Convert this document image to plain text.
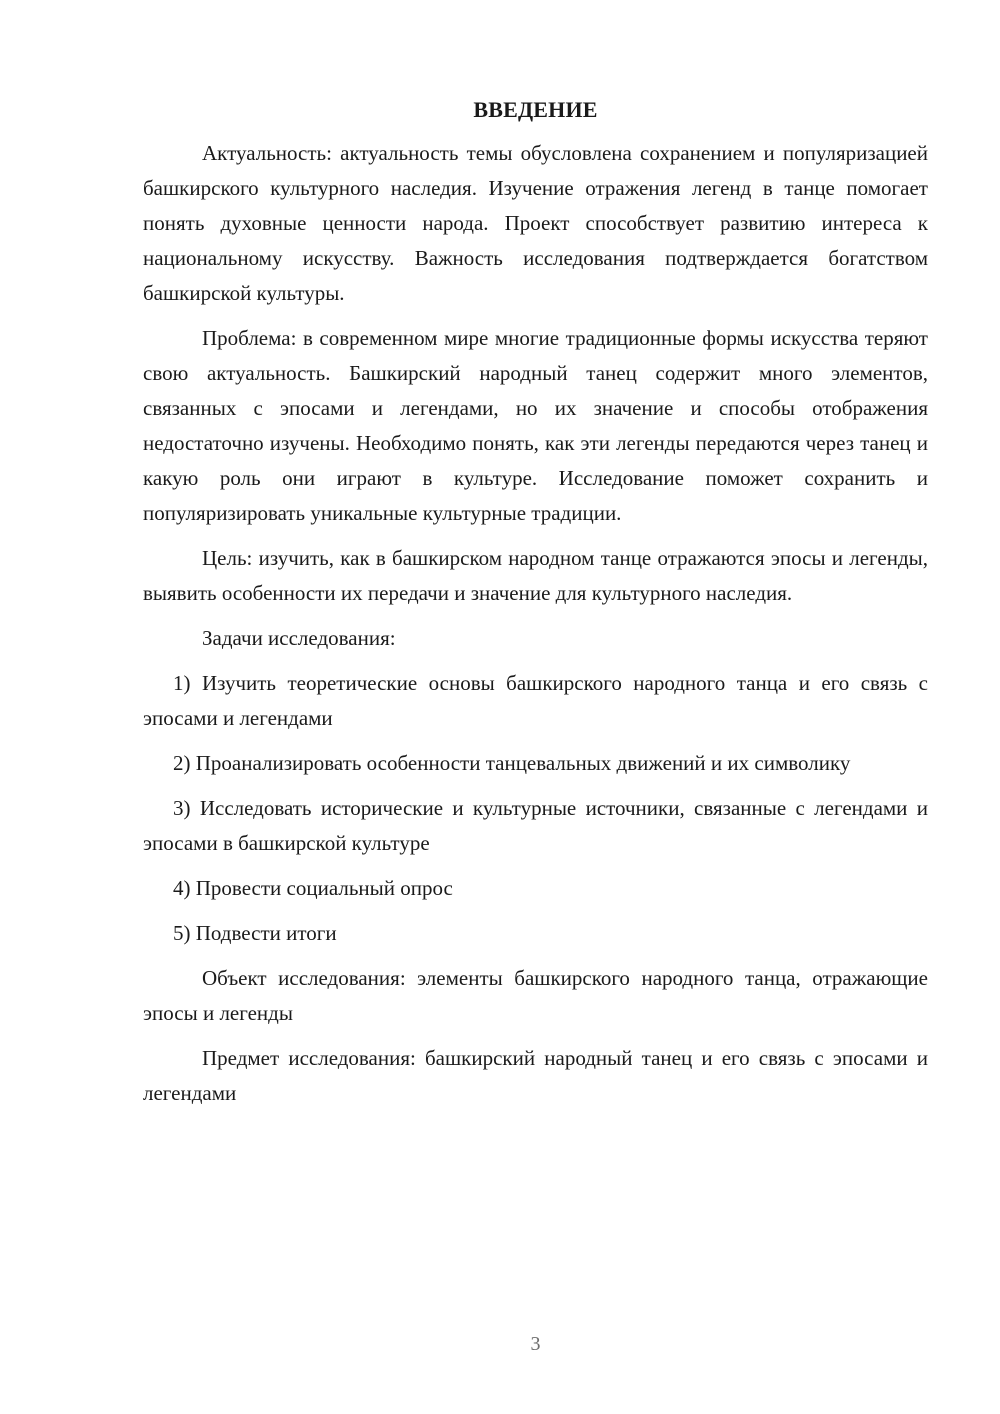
ВВЕДЕНИЕ

Актуальность: актуальность темы обусловлена сохранением и популяризацией башкирского культурного наследия. Изучение отражения легенд в танце помогает понять духовные ценности народа. Проект способствует развитию интереса к национальному искусству. Важность исследования подтверждается богатством башкирской культуры.

Проблема: в современном мире многие традиционные формы искусства теряют свою актуальность. Башкирский народный танец содержит много элементов, связанных с эпосами и легендами, но их значение и способы отображения недостаточно изучены. Необходимо понять, как эти легенды передаются через танец и какую роль они играют в культуре. Исследование поможет сохранить и популяризировать уникальные культурные традиции.

Цель: изучить, как в башкирском народном танце отражаются эпосы и легенды, выявить особенности их передачи и значение для культурного наследия.

Задачи исследования:

1) Изучить теоретические основы башкирского народного танца и его связь с эпосами и легендами

2) Проанализировать особенности танцевальных движений и их символику

3) Исследовать исторические и культурные источники, связанные с легендами и эпосами в башкирской культуре

4) Провести социальный опрос

5) Подвести итоги

Объект исследования: элементы башкирского народного танца, отражающие эпосы и легенды

Предмет исследования: башкирский народный танец и его связь с эпосами и легендами

3
